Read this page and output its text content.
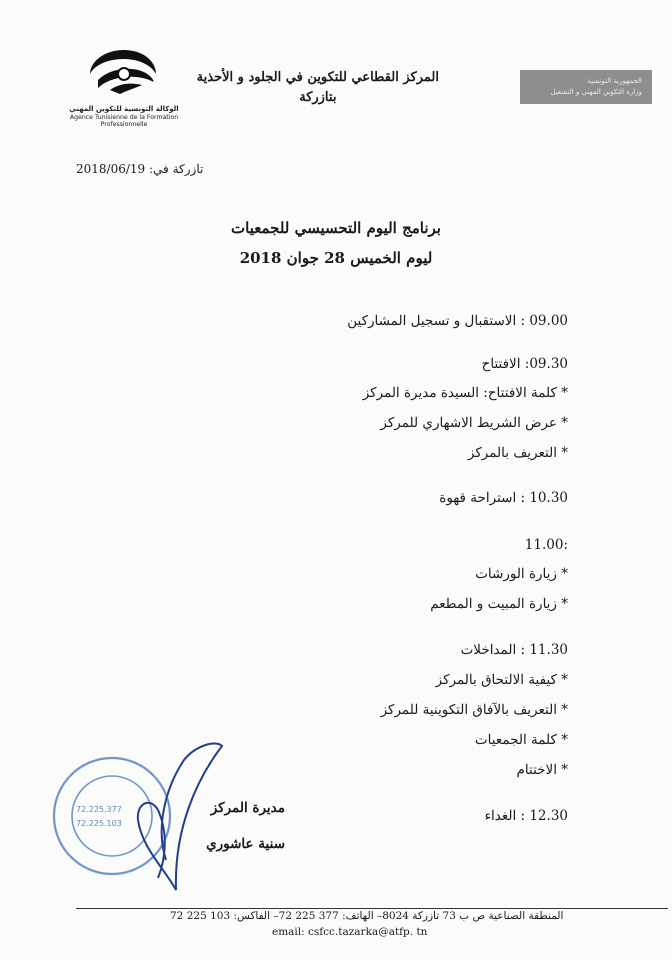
الوكالة التونسية للتكوين المهني
Agence Tunisienne de la Formation
Professionnelle
المركز القطاعي للتكوين في الجلود و الأحذية
بتازركة
الجمهورية التونسية
وزارة التكوين المهني و التشغيل
تازركة في: 2018/06/19
برنامج اليوم التحسيسي للجمعيات
ليوم الخميس 28 جوان 2018
09.00 : الاستقبال و تسجيل المشاركين
09.30: الافتتاح
* كلمة الافتتاح: السيدة مديرة المركز
* عرض الشريط الاشهاري للمركز
* التعريف بالمركز
10.30 : استراحة قهوة
11.00:
* زيارة الورشات
* زيارة المبيت و المطعم
11.30 : المداخلات
* كيفية الالتحاق بالمركز
* التعريف بالآفاق التكوينية للمركز
* كلمة الجمعيات
* الاختتام
12.30 : الغداء
72.225.377
72.225.103
مديرة المركز
سنية عاشوري
المنطقة الصناعية ص ب 73 تازركة 8024– الهاتف: 377 225 72– الفاكس: 103 225 72
email: csfcc.tazarka@atfp. tn
